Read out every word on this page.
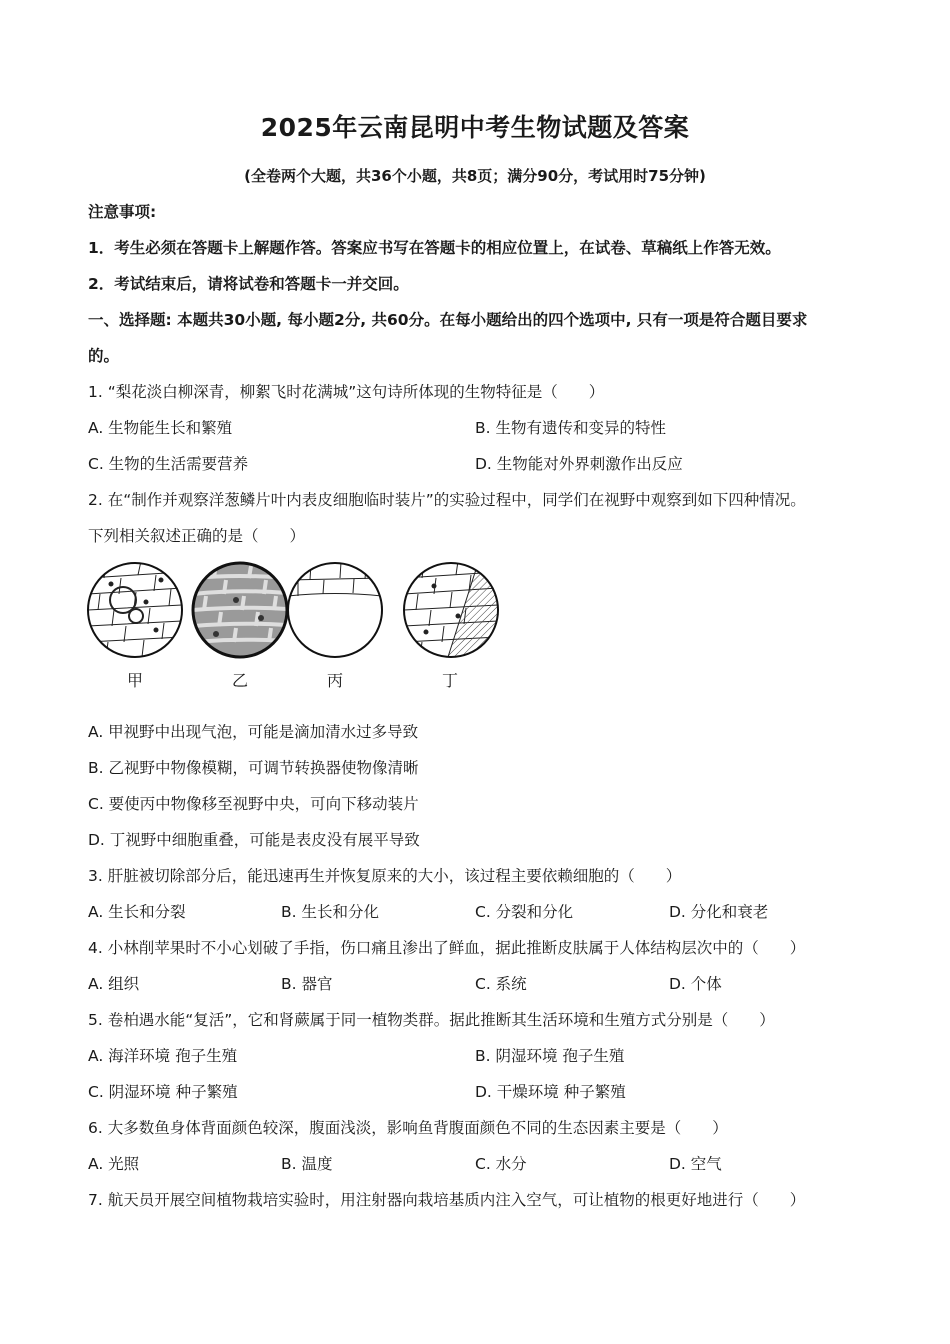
2025年云南昆明中考生物试题及答案
(全卷两个大题，共36个小题，共8页；满分90分，考试用时75分钟)
注意事项:
1．考生必须在答题卡上解题作答。答案应书写在答题卡的相应位置上，在试卷、草稿纸上作答无效。
2．考试结束后，请将试卷和答题卡一并交回。
一、选择题: 本题共30小题, 每小题2分, 共60分。在每小题给出的四个选项中, 只有一项是符合题目要求
的。
1. “梨花淡白柳深青，柳絮飞时花满城”这句诗所体现的生物特征是（　　）
A. 生物能生长和繁殖	B. 生物有遗传和变异的特性
C. 生物的生活需要营养	D. 生物能对外界刺激作出反应
2. 在“制作并观察洋葱鳞片叶内表皮细胞临时装片”的实验过程中，同学们在视野中观察到如下四种情况。
下列相关叙述正确的是（　　）
甲	乙	丙	丁
A. 甲视野中出现气泡，可能是滴加清水过多导致
B. 乙视野中物像模糊，可调节转换器使物像清晰
C. 要使丙中物像移至视野中央，可向下移动装片
D. 丁视野中细胞重叠，可能是表皮没有展平导致
3. 肝脏被切除部分后，能迅速再生并恢复原来的大小，该过程主要依赖细胞的（　　）
A. 生长和分裂	B. 生长和分化	C. 分裂和分化	D. 分化和衰老
4. 小林削苹果时不小心划破了手指，伤口痛且渗出了鲜血，据此推断皮肤属于人体结构层次中的（　　）
A. 组织	B. 器官	C. 系统	D. 个体
5. 卷柏遇水能“复活”，它和肾蕨属于同一植物类群。据此推断其生活环境和生殖方式分别是（　　）
A. 海洋环境 孢子生殖	B. 阴湿环境 孢子生殖
C. 阴湿环境 种子繁殖	D. 干燥环境 种子繁殖
6. 大多数鱼身体背面颜色较深，腹面浅淡，影响鱼背腹面颜色不同的生态因素主要是（　　）
A. 光照	B. 温度	C. 水分	D. 空气
7. 航天员开展空间植物栽培实验时，用注射器向栽培基质内注入空气，可让植物的根更好地进行（　　）
